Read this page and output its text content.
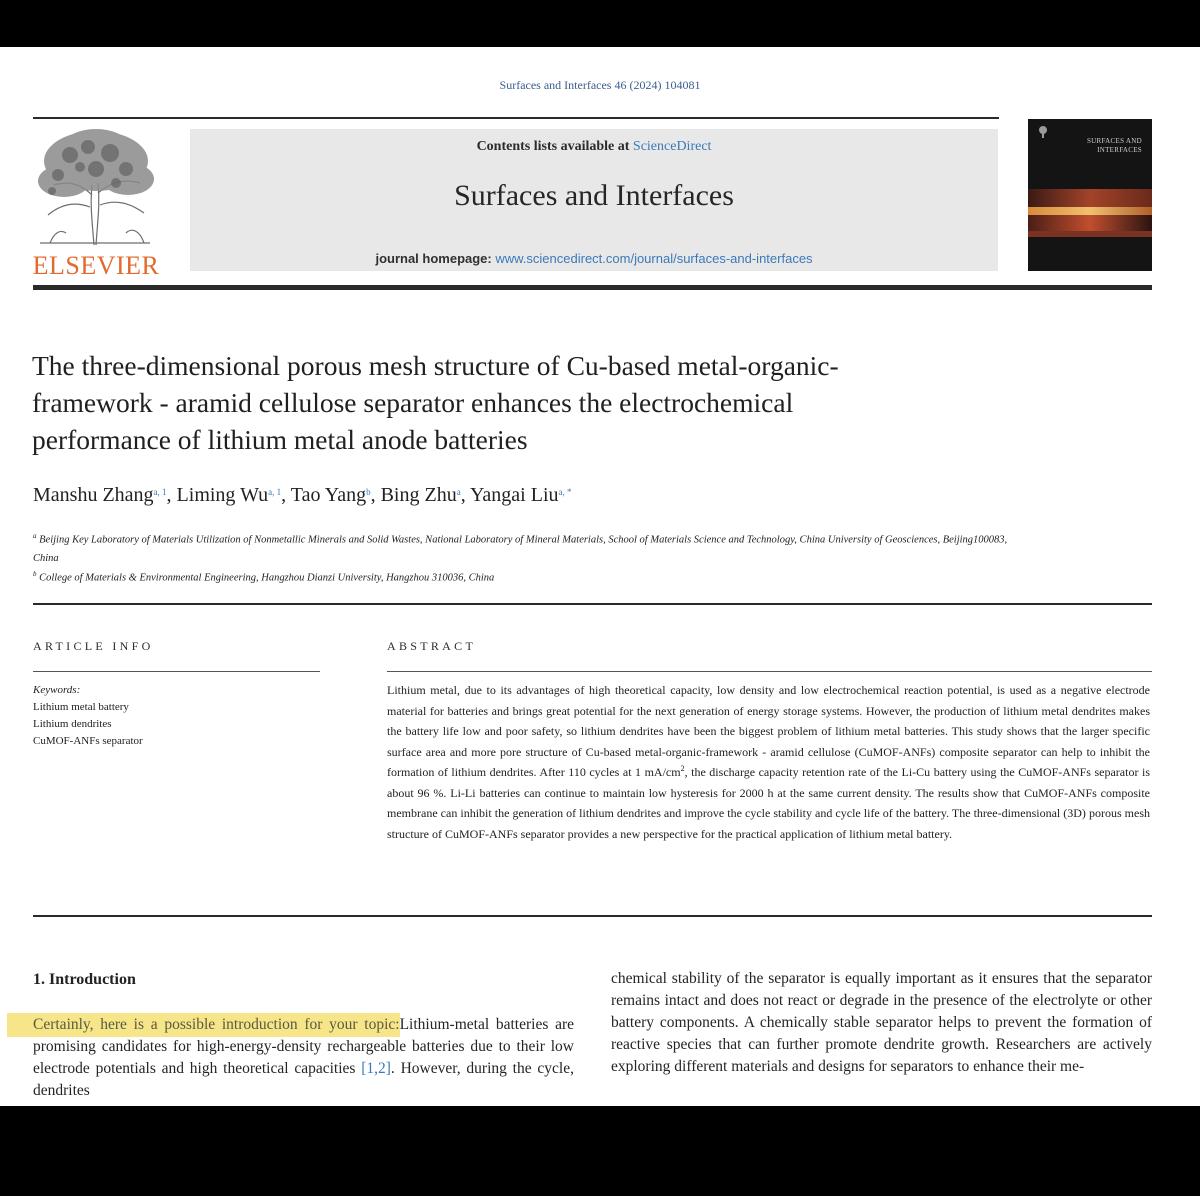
Surfaces and Interfaces 46 (2024) 104081
ELSEVIER
Contents lists available at ScienceDirect
Surfaces and Interfaces
journal homepage: www.sciencedirect.com/journal/surfaces-and-interfaces
SURFACES AND INTERFACES
The three-dimensional porous mesh structure of Cu-based metal-organic-framework - aramid cellulose separator enhances the electrochemical performance of lithium metal anode batteries
Manshu Zhang$^{a, 1}$, Liming Wu$^{a, 1}$, Tao Yang$^b$, Bing Zhu$^a$, Yangai Liu$^{a, *}$
$^a$ Beijing Key Laboratory of Materials Utilization of Nonmetallic Minerals and Solid Wastes, National Laboratory of Mineral Materials, School of Materials Science and Technology, China University of Geosciences, Beijing100083, China
$^b$ College of Materials & Environmental Engineering, Hangzhou Dianzi University, Hangzhou 310036, China
ARTICLE INFO
Keywords:
Lithium metal battery
Lithium dendrites
CuMOF-ANFs separator
ABSTRACT
Lithium metal, due to its advantages of high theoretical capacity, low density and low electrochemical reaction potential, is used as a negative electrode material for batteries and brings great potential for the next generation of energy storage systems. However, the production of lithium metal dendrites makes the battery life low and poor safety, so lithium dendrites have been the biggest problem of lithium metal batteries. This study shows that the larger specific surface area and more pore structure of Cu-based metal-organic-framework - aramid cellulose (CuMOF-ANFs) composite separator can help to inhibit the formation of lithium dendrites. After 110 cycles at 1 $mA/cm^2$, the discharge capacity retention rate of the Li-Cu battery using the CuMOF-ANFs separator is about 96 %. Li-Li batteries can continue to maintain low hysteresis for 2000 h at the same current density. The results show that CuMOF-ANFs composite membrane can inhibit the generation of lithium dendrites and improve the cycle stability and cycle life of the battery. The three-dimensional (3D) porous mesh structure of CuMOF-ANFs separator provides a new perspective for the practical application of lithium metal battery.
1. Introduction
Certainly, here is a possible introduction for your topic:Lithium-metal batteries are promising candidates for high-energy-density rechargeable batteries due to their low electrode potentials and high theoretical capacities [1,2]. However, during the cycle, dendrites
chemical stability of the separator is equally important as it ensures that the separator remains intact and does not react or degrade in the presence of the electrolyte or other battery components. A chemically stable separator helps to prevent the formation of reactive species that can further promote dendrite growth. Researchers are actively exploring different materials and designs for separators to enhance their me-
